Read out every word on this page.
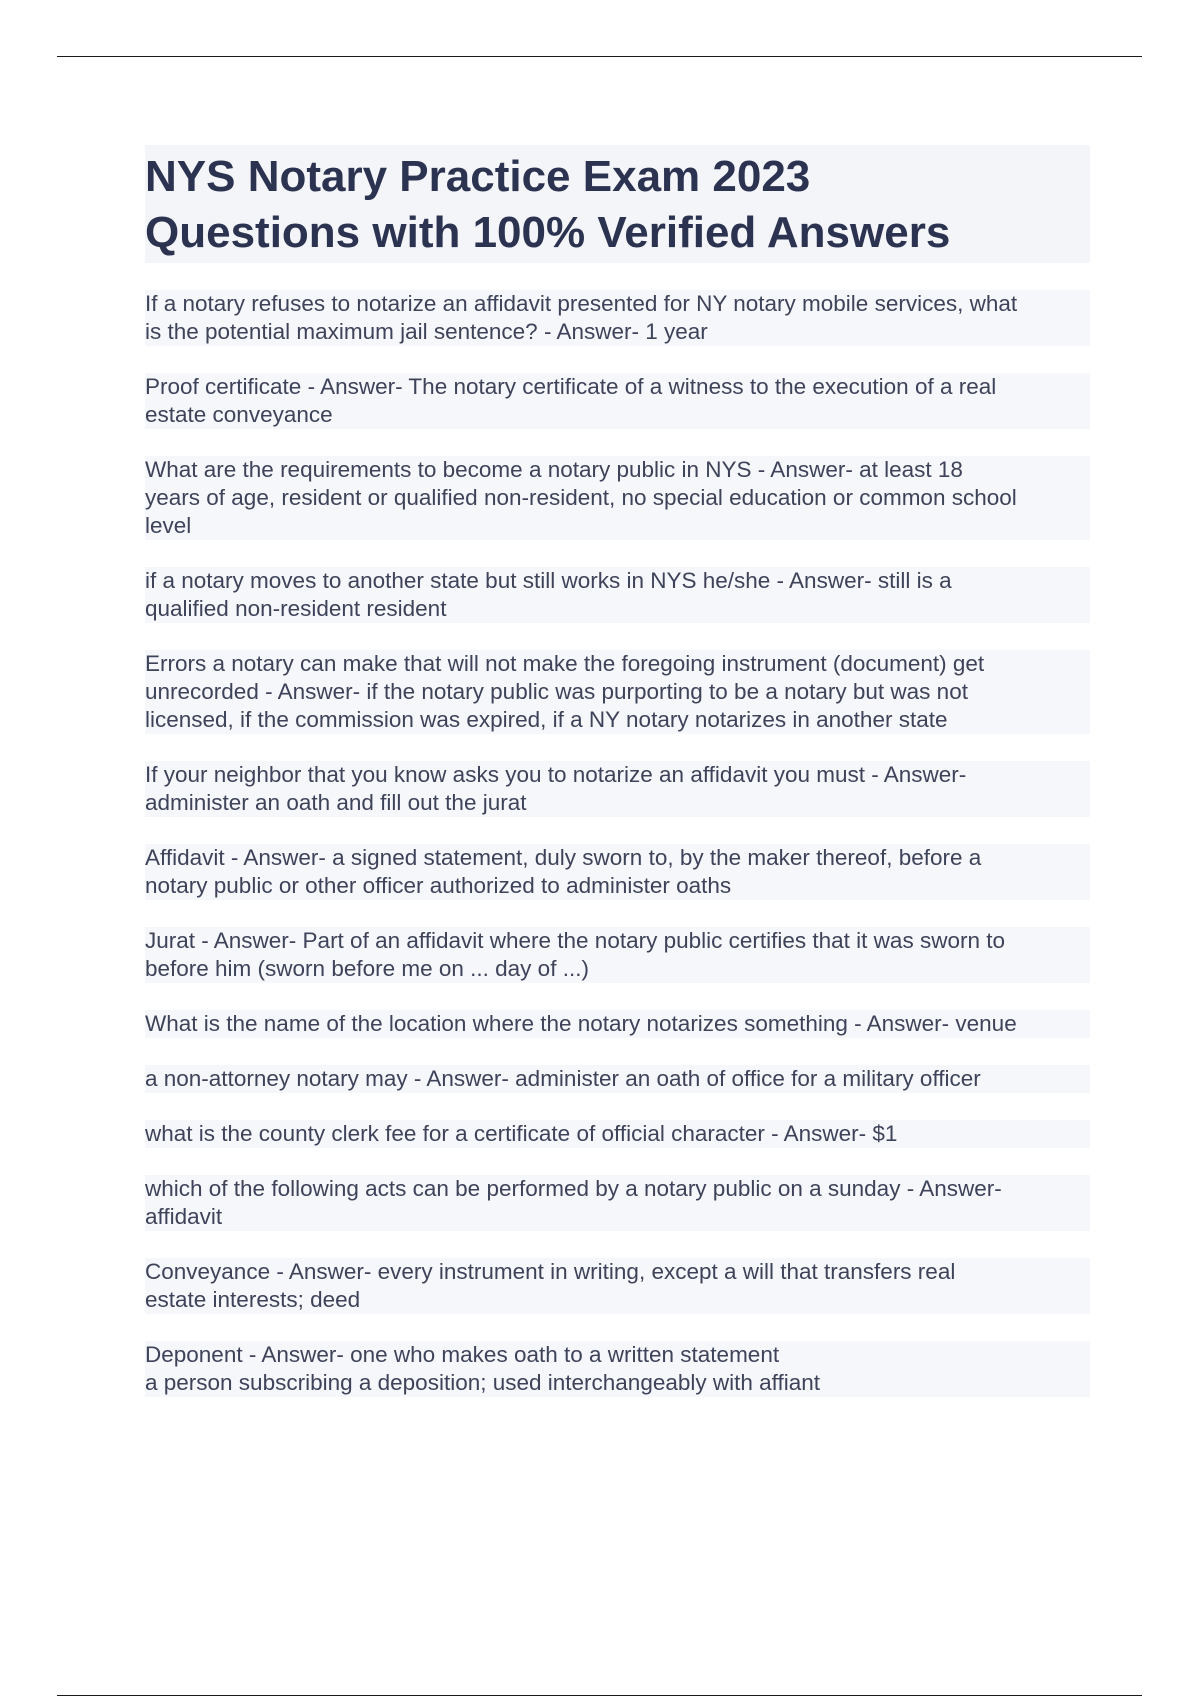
NYS Notary Practice Exam 2023
Questions with 100% Verified Answers
If a notary refuses to notarize an affidavit presented for NY notary mobile services, what
is the potential maximum jail sentence? - Answer- 1 year
Proof certificate - Answer- The notary certificate of a witness to the execution of a real
estate conveyance
What are the requirements to become a notary public in NYS - Answer- at least 18
years of age, resident or qualified non-resident, no special education or common school
level
if a notary moves to another state but still works in NYS he/she - Answer- still is a
qualified non-resident resident
Errors a notary can make that will not make the foregoing instrument (document) get
unrecorded - Answer- if the notary public was purporting to be a notary but was not
licensed, if the commission was expired, if a NY notary notarizes in another state
If your neighbor that you know asks you to notarize an affidavit you must - Answer-
administer an oath and fill out the jurat
Affidavit - Answer- a signed statement, duly sworn to, by the maker thereof, before a
notary public or other officer authorized to administer oaths
Jurat - Answer- Part of an affidavit where the notary public certifies that it was sworn to
before him (sworn before me on ... day of ...)
What is the name of the location where the notary notarizes something - Answer- venue
a non-attorney notary may - Answer- administer an oath of office for a military officer
what is the county clerk fee for a certificate of official character - Answer- $1
which of the following acts can be performed by a notary public on a sunday - Answer-
affidavit
Conveyance - Answer- every instrument in writing, except a will that transfers real
estate interests; deed
Deponent - Answer- one who makes oath to a written statement
a person subscribing a deposition; used interchangeably with affiant
